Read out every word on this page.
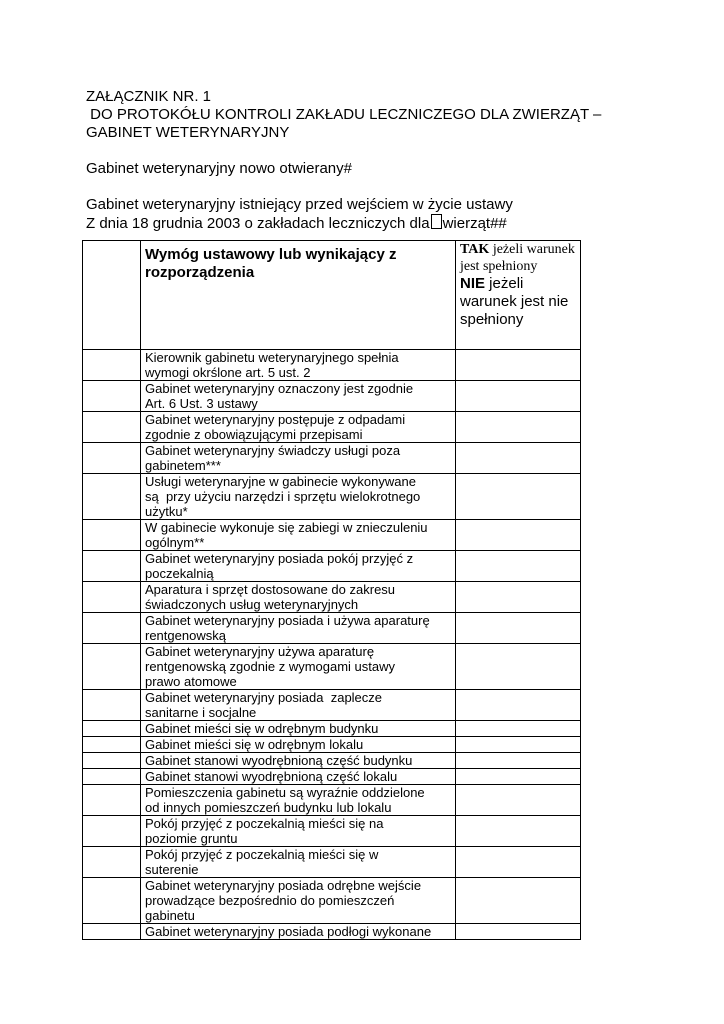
ZAŁĄCZNIK NR. 1
DO PROTOKÓŁU KONTROLI ZAKŁADU LECZNICZEGO DLA ZWIERZĄT –
GABINET WETERYNARYJNY
Gabinet weterynaryjny nowo otwierany#
Gabinet weterynaryjny istniejący przed wejściem w życie ustawy
Z dnia 18 grudnia 2003 o zakładach leczniczych dla wierząt##

	Wymóg ustawowy lub wynikający z rozporządzenia	TAK jeżeli warunek jest spełniony
NIE jeżeli warunek jest nie spełniony

	Kierownik gabinetu weterynaryjnego spełnia
wymogi okrślone art. 5 ust. 2	

	Gabinet weterynaryjny oznaczony jest zgodnie
Art. 6 Ust. 3 ustawy	

	Gabinet weterynaryjny postępuje z odpadami
zgodnie z obowiązującymi przepisami	

	Gabinet weterynaryjny świadczy usługi poza
gabinetem***	

	Usługi weterynaryjne w gabinecie wykonywane
są  przy użyciu narzędzi i sprzętu wielokrotnego
użytku*	

	W gabinecie wykonuje się zabiegi w znieczuleniu
ogólnym**	

	Gabinet weterynaryjny posiada pokój przyjęć z
poczekalnią	

	Aparatura i sprzęt dostosowane do zakresu
świadczonych usług weterynaryjnych	

	Gabinet weterynaryjny posiada i używa aparaturę
rentgenowską	

	Gabinet weterynaryjny używa aparaturę
rentgenowską zgodnie z wymogami ustawy
prawo atomowe	

	Gabinet weterynaryjny posiada  zaplecze
sanitarne i socjalne	

	Gabinet mieści się w odrębnym budynku	

	Gabinet mieści się w odrębnym lokalu	

	Gabinet stanowi wyodrębnioną część budynku	

	Gabinet stanowi wyodrębnioną część lokalu	

	Pomieszczenia gabinetu są wyraźnie oddzielone
od innych pomieszczeń budynku lub lokalu	

	Pokój przyjęć z poczekalnią mieści się na
poziomie gruntu	

	Pokój przyjęć z poczekalnią mieści się w
suterenie	

	Gabinet weterynaryjny posiada odrębne wejście
prowadzące bezpośrednio do pomieszczeń
gabinetu	

	Gabinet weterynaryjny posiada podłogi wykonane	
